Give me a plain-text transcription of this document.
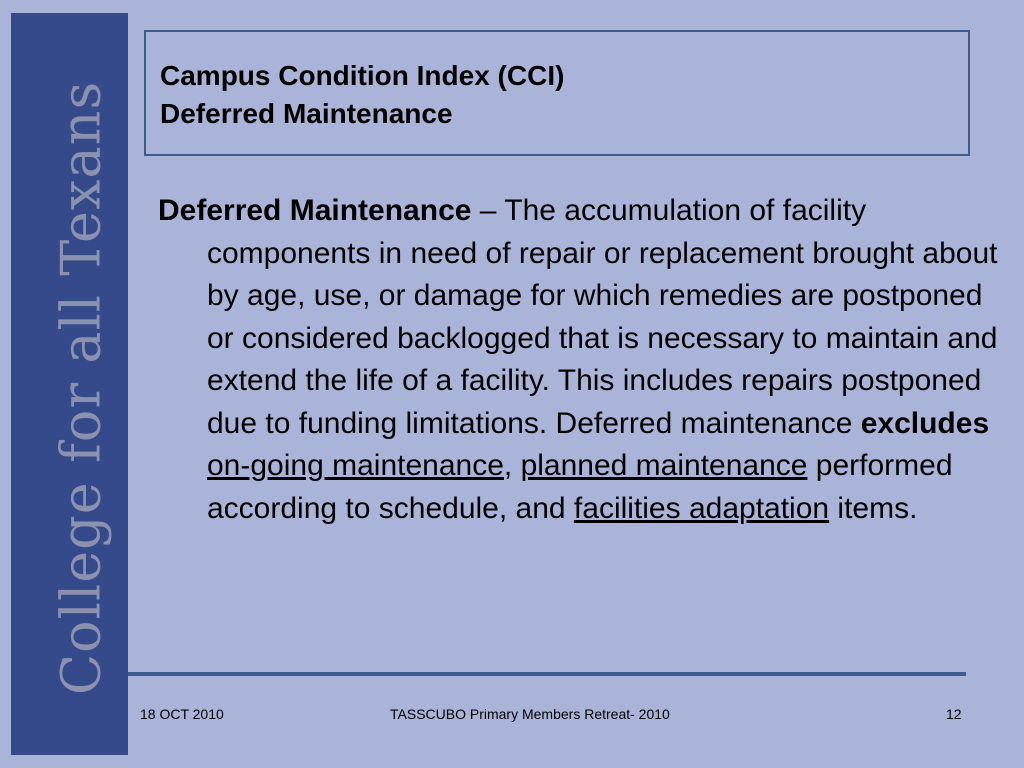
College for all Texans
Campus Condition Index (CCI)
Deferred Maintenance
Deferred Maintenance – The accumulation of facility components in need of repair or replacement brought about by age, use, or damage for which remedies are postponed or considered backlogged that is necessary to maintain and extend the life of a facility. This includes repairs postponed due to funding limitations. Deferred maintenance excludes on-going maintenance, planned maintenance performed according to schedule, and facilities adaptation items.
18 OCT 2010	TASSCUBO Primary Members Retreat- 2010	12
